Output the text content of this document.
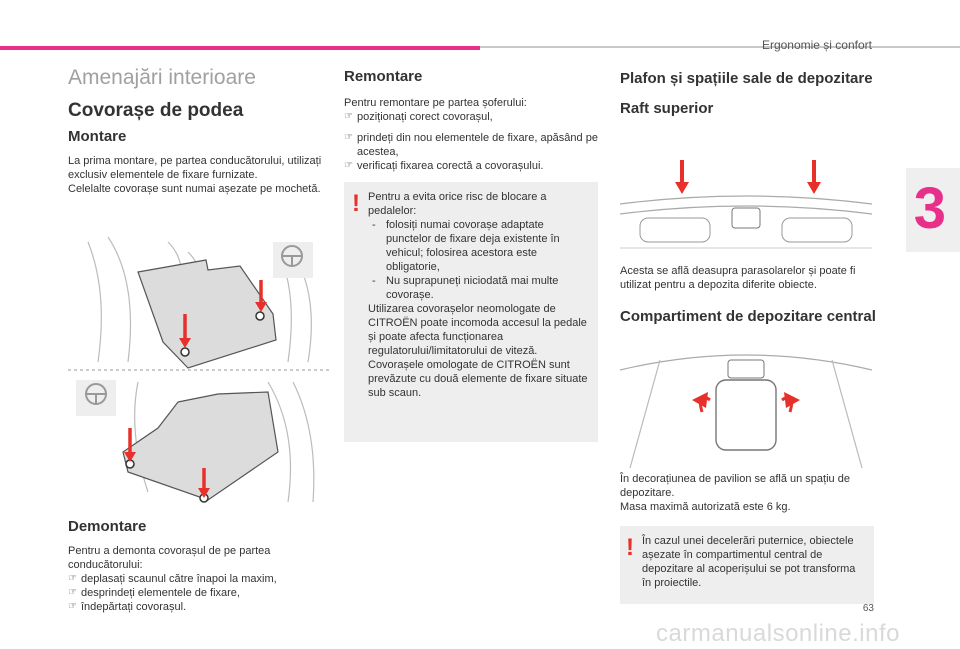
Ergonomie și confort
3
Amenajări interioare
Covorașe de podea
Montare

La prima montare, pe partea conducătorului, utilizați exclusiv elementele de fixare furnizate.
Celelalte covorașe sunt numai așezate pe mochetă.

Demontare

Pentru a demonta covorașul de pe partea conducătorului:

☞ deplasați scaunul către înapoi la maxim,

☞ desprindeți elementele de fixare,

☞ îndepărtați covorașul.

Remontare

Pentru remontare pe partea șoferului:

☞ poziționați corect covorașul,

☞ prindeți din nou elementele de fixare, apăsând pe acestea,

☞ verificați fixarea corectă a covorașului.

! Pentru a evita orice risc de blocare a pedalelor:

- folosiți numai covorașe adaptate punctelor de fixare deja existente în vehicul; folosirea acestora este obligatorie,

- Nu suprapuneți niciodată mai multe covorașe.

Utilizarea covorașelor neomologate de CITROËN poate incomoda accesul la pedale și poate afecta funcționarea regulatorului/limitatorului de viteză.
Covorașele omologate de CITROËN sunt prevăzute cu două elemente de fixare situate sub scaun.

Plafon și spațiile sale de depozitare
Raft superior

Acesta se află deasupra parasolarelor și poate fi utilizat pentru a depozita diferite obiecte.

Compartiment de depozitare central

În decorațiunea de pavilion se află un spațiu de depozitare.
Masa maximă autorizată este 6 kg.

! În cazul unei decelerări puternice, obiectele așezate în compartimentul central de depozitare al acoperișului se pot transforma în proiectile.

63
carmanualsonline.info
